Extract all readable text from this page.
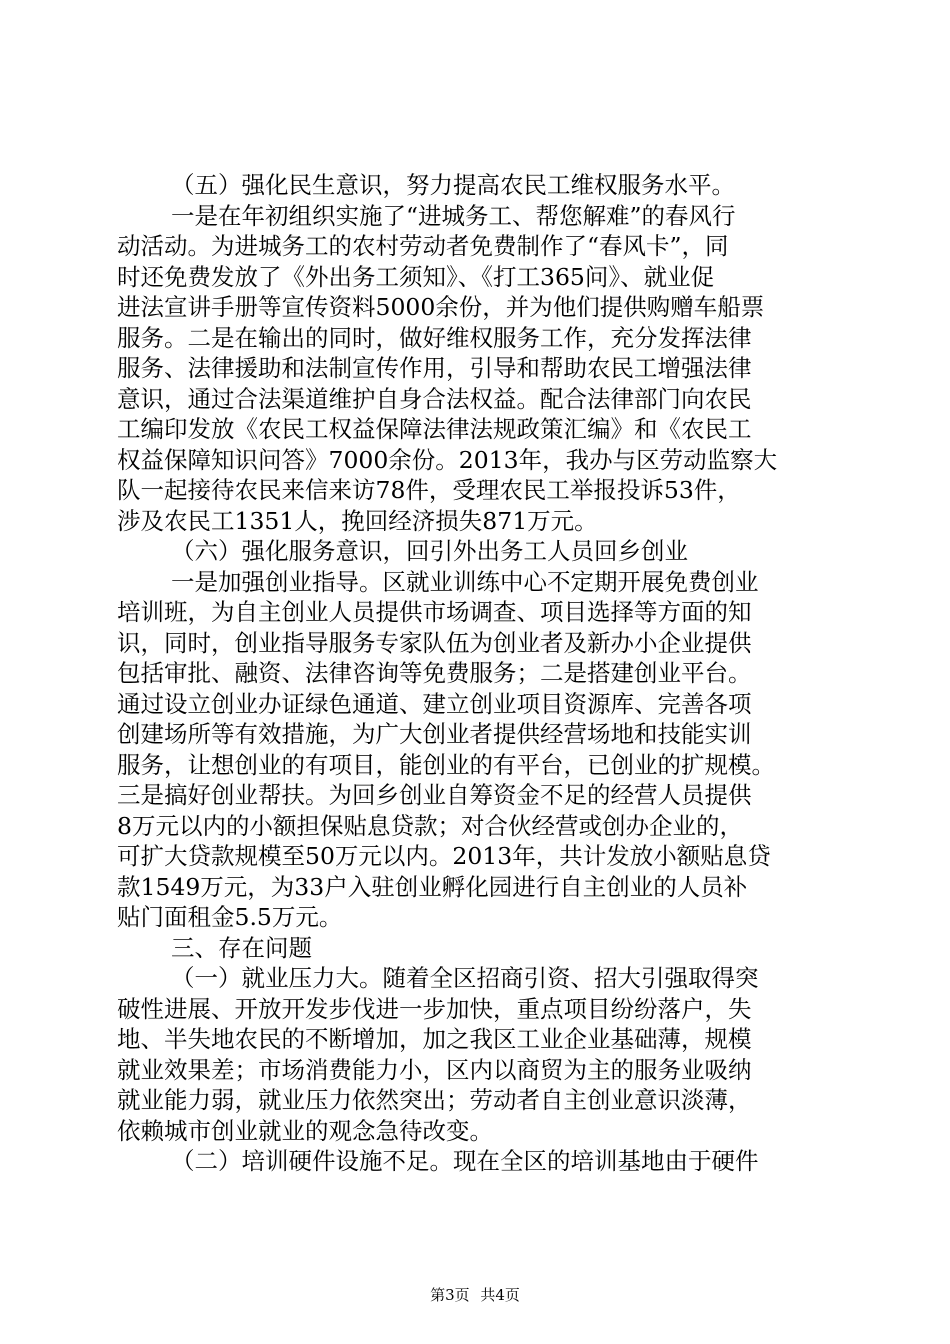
（五）强化民生意识，努力提高农民工维权服务水平。
一是在年初组织实施了“进城务工、帮您解难”的春风行
动活动。为进城务工的农村劳动者免费制作了“春风卡”，同
时还免费发放了《外出务工须知》、《打工365问》、就业促
进法宣讲手册等宣传资料5000余份，并为他们提供购赠车船票
服务。二是在输出的同时，做好维权服务工作，充分发挥法律
服务、法律援助和法制宣传作用，引导和帮助农民工增强法律
意识，通过合法渠道维护自身合法权益。配合法律部门向农民
工编印发放《农民工权益保障法律法规政策汇编》和《农民工
权益保障知识问答》7000余份。2013年，我办与区劳动监察大
队一起接待农民来信来访78件，受理农民工举报投诉53件，
涉及农民工1351人，挽回经济损失871万元。
（六）强化服务意识，回引外出务工人员回乡创业
一是加强创业指导。区就业训练中心不定期开展免费创业
培训班，为自主创业人员提供市场调查、项目选择等方面的知
识，同时，创业指导服务专家队伍为创业者及新办小企业提供
包括审批、融资、法律咨询等免费服务；二是搭建创业平台。
通过设立创业办证绿色通道、建立创业项目资源库、完善各项
创建场所等有效措施，为广大创业者提供经营场地和技能实训
服务，让想创业的有项目，能创业的有平台，已创业的扩规模。
三是搞好创业帮扶。为回乡创业自筹资金不足的经营人员提供
8万元以内的小额担保贴息贷款；对合伙经营或创办企业的，
可扩大贷款规模至50万元以内。2013年，共计发放小额贴息贷
款1549万元，为33户入驻创业孵化园进行自主创业的人员补
贴门面租金5.5万元。
三、存在问题
（一）就业压力大。随着全区招商引资、招大引强取得突
破性进展、开放开发步伐进一步加快，重点项目纷纷落户，失
地、半失地农民的不断增加，加之我区工业企业基础薄，规模
就业效果差；市场消费能力小，区内以商贸为主的服务业吸纳
就业能力弱，就业压力依然突出；劳动者自主创业意识淡薄，
依赖城市创业就业的观念急待改变。
（二）培训硬件设施不足。现在全区的培训基地由于硬件
第3页 共4页
